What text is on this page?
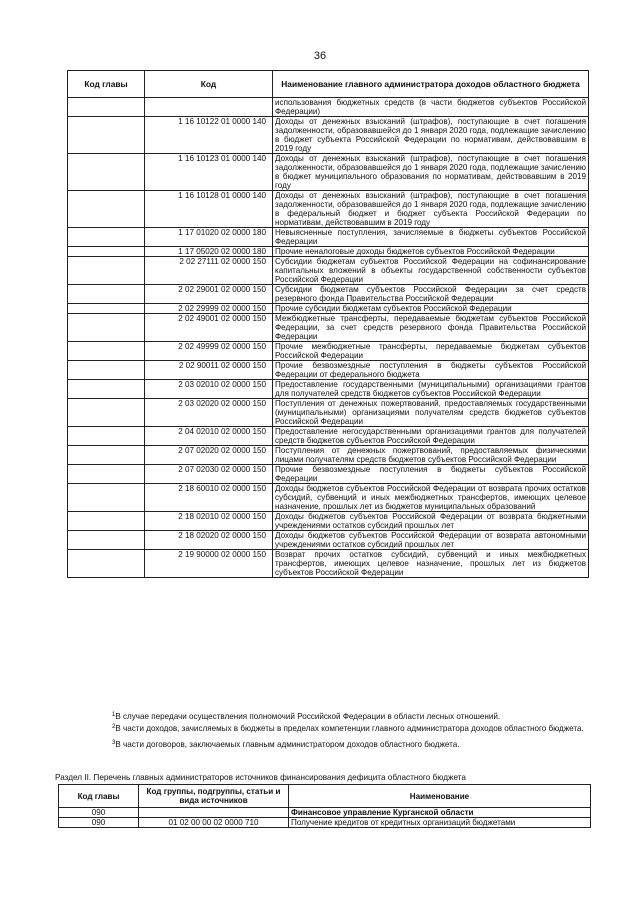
36
Код главы	Код	Наименование главного администратора доходов областного бюджета
		использования бюджетных средств (в части бюджетов субъектов Российской Федерации)
	1 16 10122 01 0000 140	Доходы от денежных взысканий (штрафов), поступающие в счет погашения задолженности, образовавшейся до 1 января 2020 года, подлежащие зачислению в бюджет субъекта Российской Федерации по нормативам, действовавшим в 2019 году
	1 16 10123 01 0000 140	Доходы от денежных взысканий (штрафов), поступающие в счет погашения задолженности, образовавшейся до 1 января 2020 года, подлежащие зачислению в бюджет муниципального образования по нормативам, действовавшим в 2019 году
	1 16 10128 01 0000 140	Доходы от денежных взысканий (штрафов), поступающие в счет погашения задолженности, образовавшейся до 1 января 2020 года, подлежащие зачислению в федеральный бюджет и бюджет субъекта Российской Федерации по нормативам, действовавшим в 2019 году
	1 17 01020 02 0000 180	Невыясненные поступления, зачисляемые в бюджеты субъектов Российской Федерации
	1 17 05020 02 0000 180	Прочие неналоговые доходы бюджетов субъектов Российской Федерации
	2 02 27111 02 0000 150	Субсидии бюджетам субъектов Российской Федерации на софинансирование капитальных вложений в объекты государственной собственности субъектов Российской Федерации
	2 02 29001 02 0000 150	Субсидии бюджетам субъектов Российской Федерации за счет средств резервного фонда Правительства Российской Федерации
	2 02 29999 02 0000 150	Прочие субсидии бюджетам субъектов Российской Федерации
	2 02 49001 02 0000 150	Межбюджетные трансферты, передаваемые бюджетам субъектов Российской Федерации, за счет средств резервного фонда Правительства Российской Федерации
	2 02 49999 02 0000 150	Прочие межбюджетные трансферты, передаваемые бюджетам субъектов Российской Федерации
	2 02 90011 02 0000 150	Прочие безвозмездные поступления в бюджеты субъектов Российской Федерации от федерального бюджета
	2 03 02010 02 0000 150	Предоставление государственными (муниципальными) организациями грантов для получателей средств бюджетов субъектов Российской Федерации
	2 03 02020 02 0000 150	Поступления от денежных пожертвований, предоставляемых государственными (муниципальными) организациями получателям средств бюджетов субъектов Российской Федерации
	2 04 02010 02 0000 150	Предоставление негосударственными организациями грантов для получателей средств бюджетов субъектов Российской Федерации
	2 07 02020 02 0000 150	Поступления от денежных пожертвований, предоставляемых физическими лицами получателям средств бюджетов субъектов Российской Федерации
	2 07 02030 02 0000 150	Прочие безвозмездные поступления в бюджеты субъектов Российской Федерации
	2 18 60010 02 0000 150	Доходы бюджетов субъектов Российской Федерации от возврата прочих остатков субсидий, субвенций и иных межбюджетных трансфертов, имеющих целевое назначение, прошлых лет из бюджетов муниципальных образований
	2 18 02010 02 0000 150	Доходы бюджетов субъектов Российской Федерации от возврата бюджетными учреждениями остатков субсидий прошлых лет
	2 18 02020 02 0000 150	Доходы бюджетов субъектов Российской Федерации от возврата автономными учреждениями остатков субсидий прошлых лет
	2 19 90000 02 0000 150	Возврат прочих остатков субсидий, субвенций и иных межбюджетных трансфертов, имеющих целевое назначение, прошлых лет из бюджетов субъектов Российской Федерации

$^1$В случае передачи осуществления полномочий Российской Федерации в области лесных отношений.

$^2$В части доходов, зачисляемых в бюджеты в пределах компетенции главного администратора доходов областного бюджета.

$^3$В части договоров, заключаемых главным администратором доходов областного бюджета.

Раздел II. Перечень главных администраторов источников финансирования дефицита областного бюджета
Код главы	Код группы, подгруппы, статьи и вида источников	Наименование
090		Финансовое управление Курганской области
090	01 02 00 00 02 0000 710	Получение кредитов от кредитных организаций бюджетами
